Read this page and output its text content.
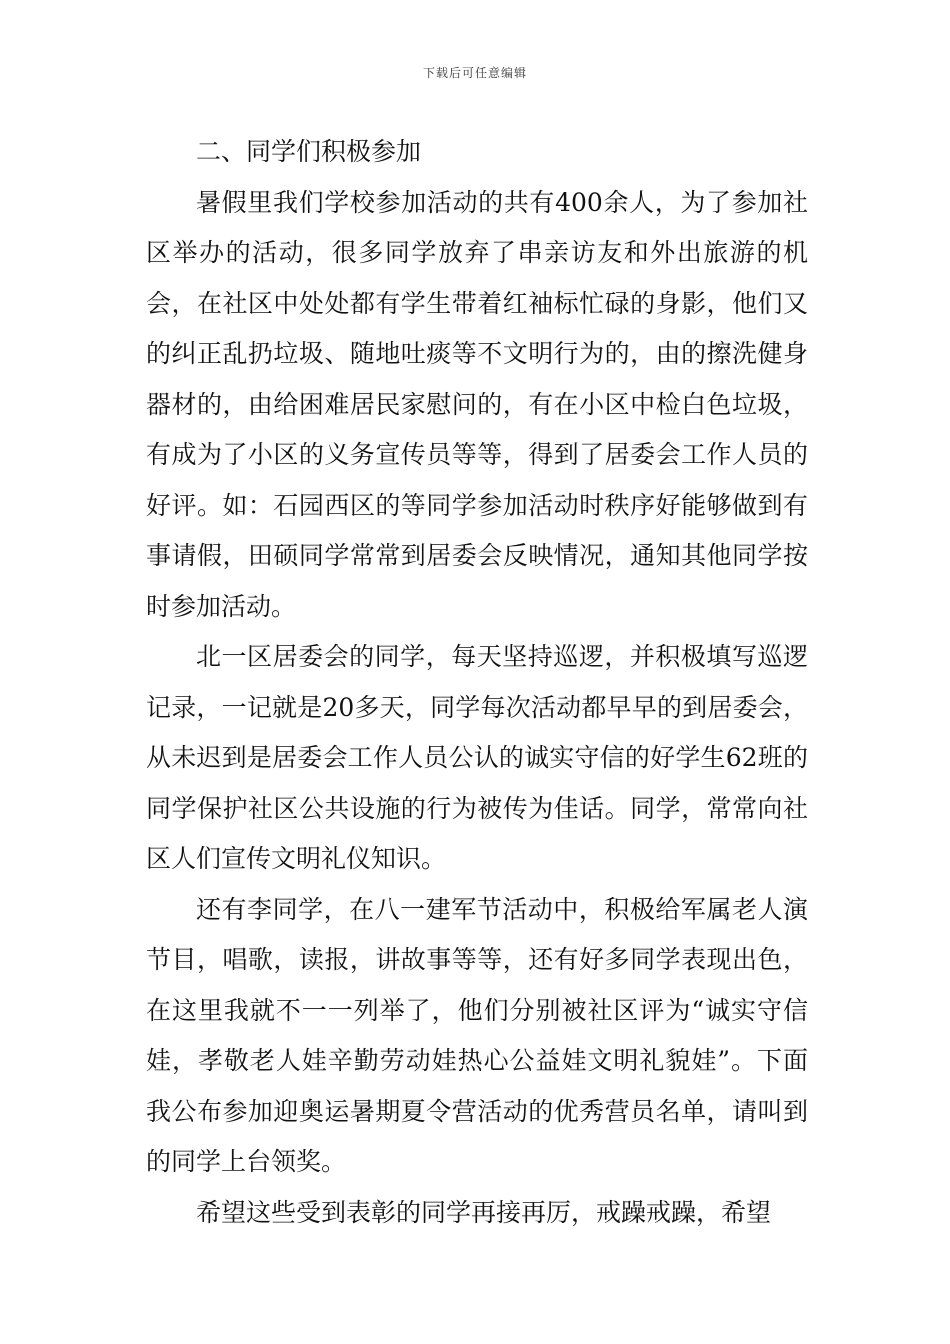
下载后可任意编辑

二、同学们积极参加

暑假里我们学校参加活动的共有400余人，为了参加社区举办的活动，很多同学放弃了串亲访友和外出旅游的机会，在社区中处处都有学生带着红袖标忙碌的身影，他们又的纠正乱扔垃圾、随地吐痰等不文明行为的，由的擦洗健身器材的，由给困难居民家慰问的，有在小区中检白色垃圾，有成为了小区的义务宣传员等等，得到了居委会工作人员的好评。如：石园西区的等同学参加活动时秩序好能够做到有事请假，田硕同学常常到居委会反映情况，通知其他同学按时参加活动。

北一区居委会的同学，每天坚持巡逻，并积极填写巡逻记录，一记就是20多天，同学每次活动都早早的到居委会，从未迟到是居委会工作人员公认的诚实守信的好学生62班的同学保护社区公共设施的行为被传为佳话。同学，常常向社区人们宣传文明礼仪知识。

还有李同学，在八一建军节活动中，积极给军属老人演节目，唱歌，读报，讲故事等等，还有好多同学表现出色，在这里我就不一一列举了，他们分别被社区评为“诚实守信娃，孝敬老人娃辛勤劳动娃热心公益娃文明礼貌娃”。下面我公布参加迎奥运暑期夏令营活动的优秀营员名单，请叫到的同学上台领奖。

希望这些受到表彰的同学再接再厉，戒躁戒躁，希望
